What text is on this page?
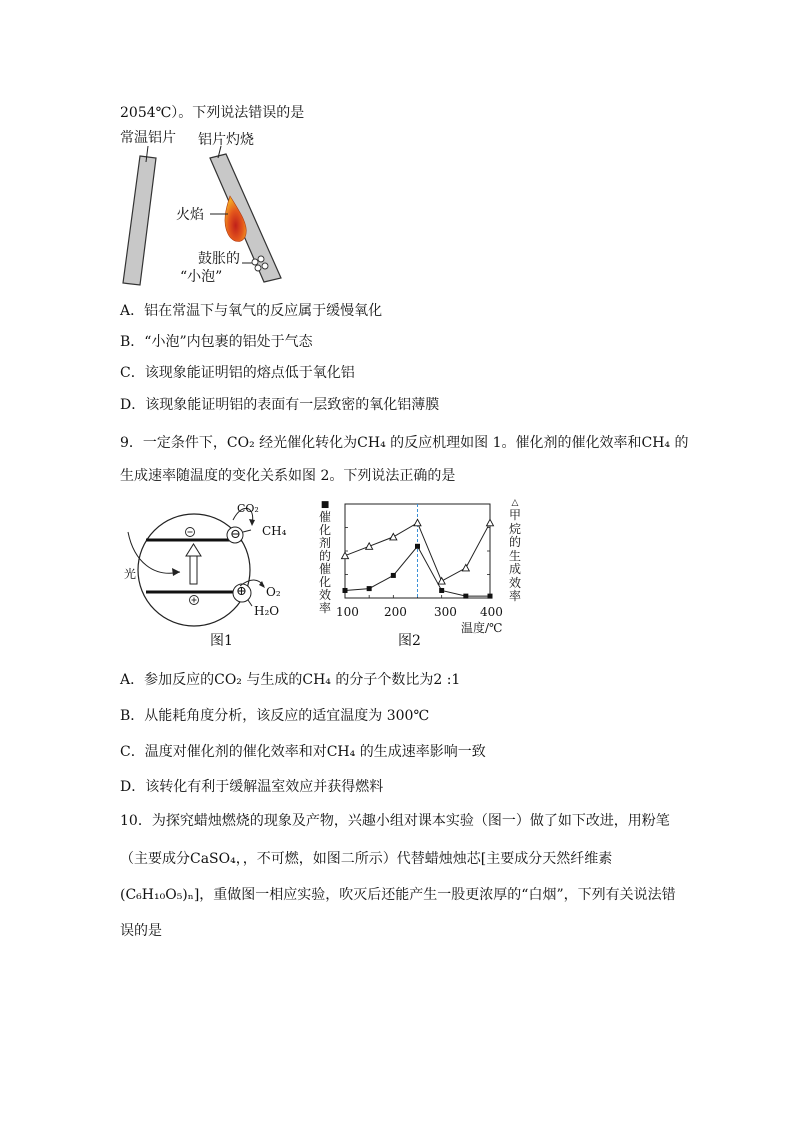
2054℃）。下列说法错误的是
常温铝片 铝片灼烧
火焰
鼓胀的
“小泡”
A．铝在常温下与氧气的反应属于缓慢氧化
B．“小泡”内包裹的铝处于气态
C．该现象能证明铝的熔点低于氧化铝
D．该现象能证明铝的表面有一层致密的氧化铝薄膜
9．一定条件下，CO₂ 经光催化转化为CH₄ 的反应机理如图 1。催化剂的催化效率和CH₄ 的
生成速率随温度的变化关系如图 2。下列说法正确的是
CO₂
⊖ CH₄
⊕ O₂
H₂O
光
图1
■
催
化
剂
的
催
化
效
率
△
甲
烷
的
生
成
效
率
100 200 300 400
温度/℃
图2
A．参加反应的CO₂ 与生成的CH₄ 的分子个数比为2 :1
B．从能耗角度分析，该反应的适宜温度为 300℃
C．温度对催化剂的催化效率和对CH₄ 的生成速率影响一致
D．该转化有利于缓解温室效应并获得燃料
10．为探究蜡烛燃烧的现象及产物，兴趣小组对课本实验（图一）做了如下改进，用粉笔
（主要成分CaSO₄，，不可燃，如图二所示）代替蜡烛烛芯[主要成分天然纤维素
(C₆H₁₀O₅)ₙ]，重做图一相应实验，吹灭后还能产生一股更浓厚的“白烟”，下列有关说法错
误的是
